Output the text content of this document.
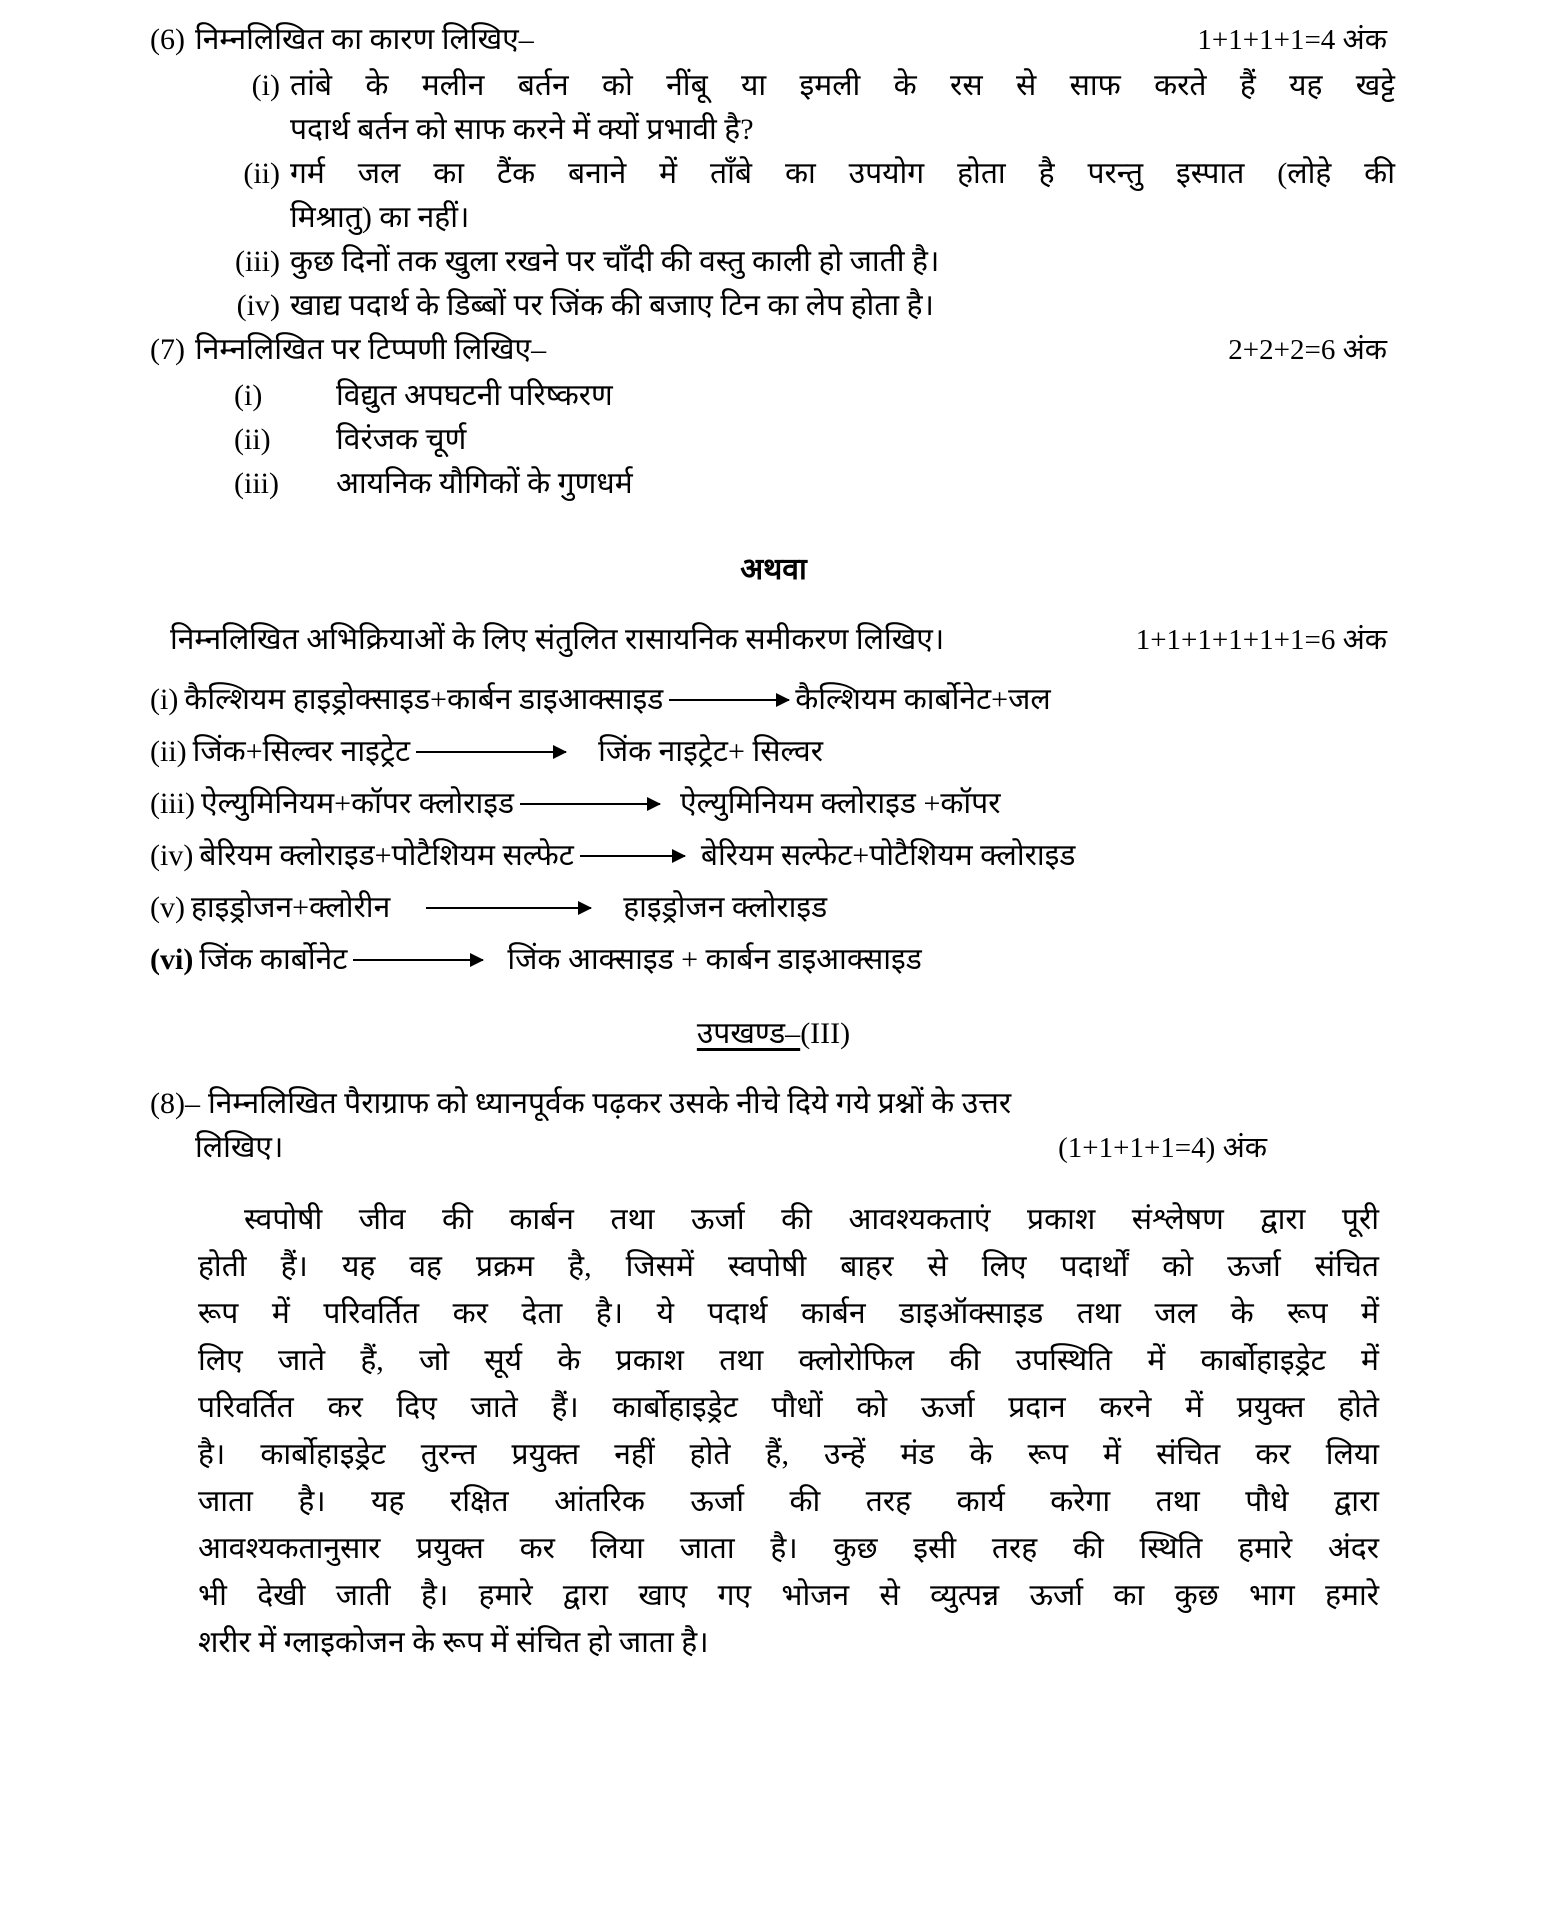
(6) निम्नलिखित का कारण लिखिए–	1+1+1+1=4 अंक
(i) तांबे के मलीन बर्तन को नींबू या इमली के रस से साफ करते हैं यह खट्टे
पदार्थ बर्तन को साफ करने में क्यों प्रभावी है?
(ii) गर्म जल का टैंक बनाने में ताँबे का उपयोग होता है परन्तु इस्पात (लोहे की
मिश्रातु) का नहीं।
(iii) कुछ दिनों तक खुला रखने पर चाँदी की वस्तु काली हो जाती है।
(iv) खाद्य पदार्थ के डिब्बों पर जिंक की बजाए टिन का लेप होता है।
(7) निम्नलिखित पर टिप्पणी लिखिए–	2+2+2=6 अंक
(i)	विद्युत अपघटनी परिष्करण
(ii)	विरंजक चूर्ण
(iii)	आयनिक यौगिकों के गुणधर्म
अथवा
निम्नलिखित अभिक्रियाओं के लिए संतुलित रासायनिक समीकरण लिखिए।	1+1+1+1+1+1=6 अंक
(i) कैल्शियम हाइड्रोक्साइड+कार्बन डाइआक्साइड → कैल्शियम कार्बोनेट+जल
(ii) जिंक+सिल्वर नाइट्रेट	जिंक नाइट्रेट+ सिल्वर
(iii) ऐल्युमिनियम+कॉपर क्लोराइड	ऐल्युमिनियम क्लोराइड +कॉपर
(iv) बेरियम क्लोराइड+पोटैशियम सल्फेट → बेरियम सल्फेट+पोटैशियम क्लोराइड
(v) हाइड्रोजन+क्लोरीन	हाइड्रोजन क्लोराइड
(vi) जिंक कार्बोनेट	जिंक आक्साइड + कार्बन डाइआक्साइड
उपखण्ड–(III)
(8)– निम्नलिखित पैराग्राफ को ध्यानपूर्वक पढ़कर उसके नीचे दिये गये प्रश्नों के उत्तर
लिखिए।	(1+1+1+1=4) अंक
स्वपोषी जीव की कार्बन तथा ऊर्जा की आवश्यकताएं प्रकाश संश्लेषण द्वारा पूरी
होती हैं। यह वह प्रक्रम है, जिसमें स्वपोषी बाहर से लिए पदार्थों को ऊर्जा संचित
रूप में परिवर्तित कर देता है। ये पदार्थ कार्बन डाइऑक्साइड तथा जल के रूप में
लिए जाते हैं, जो सूर्य के प्रकाश तथा क्लोरोफिल की उपस्थिति में कार्बोहाइड्रेट में
परिवर्तित कर दिए जाते हैं। कार्बोहाइड्रेट पौधों को ऊर्जा प्रदान करने में प्रयुक्त होते
है। कार्बोहाइड्रेट तुरन्त प्रयुक्त नहीं होते हैं, उन्हें मंड के रूप में संचित कर लिया
जाता है। यह रक्षित आंतरिक ऊर्जा की तरह कार्य करेगा तथा पौधे द्वारा
आवश्यकतानुसार प्रयुक्त कर लिया जाता है। कुछ इसी तरह की स्थिति हमारे अंदर
भी देखी जाती है। हमारे द्वारा खाए गए भोजन से व्युत्पन्न ऊर्जा का कुछ भाग हमारे
शरीर में ग्लाइकोजन के रूप में संचित हो जाता है।
